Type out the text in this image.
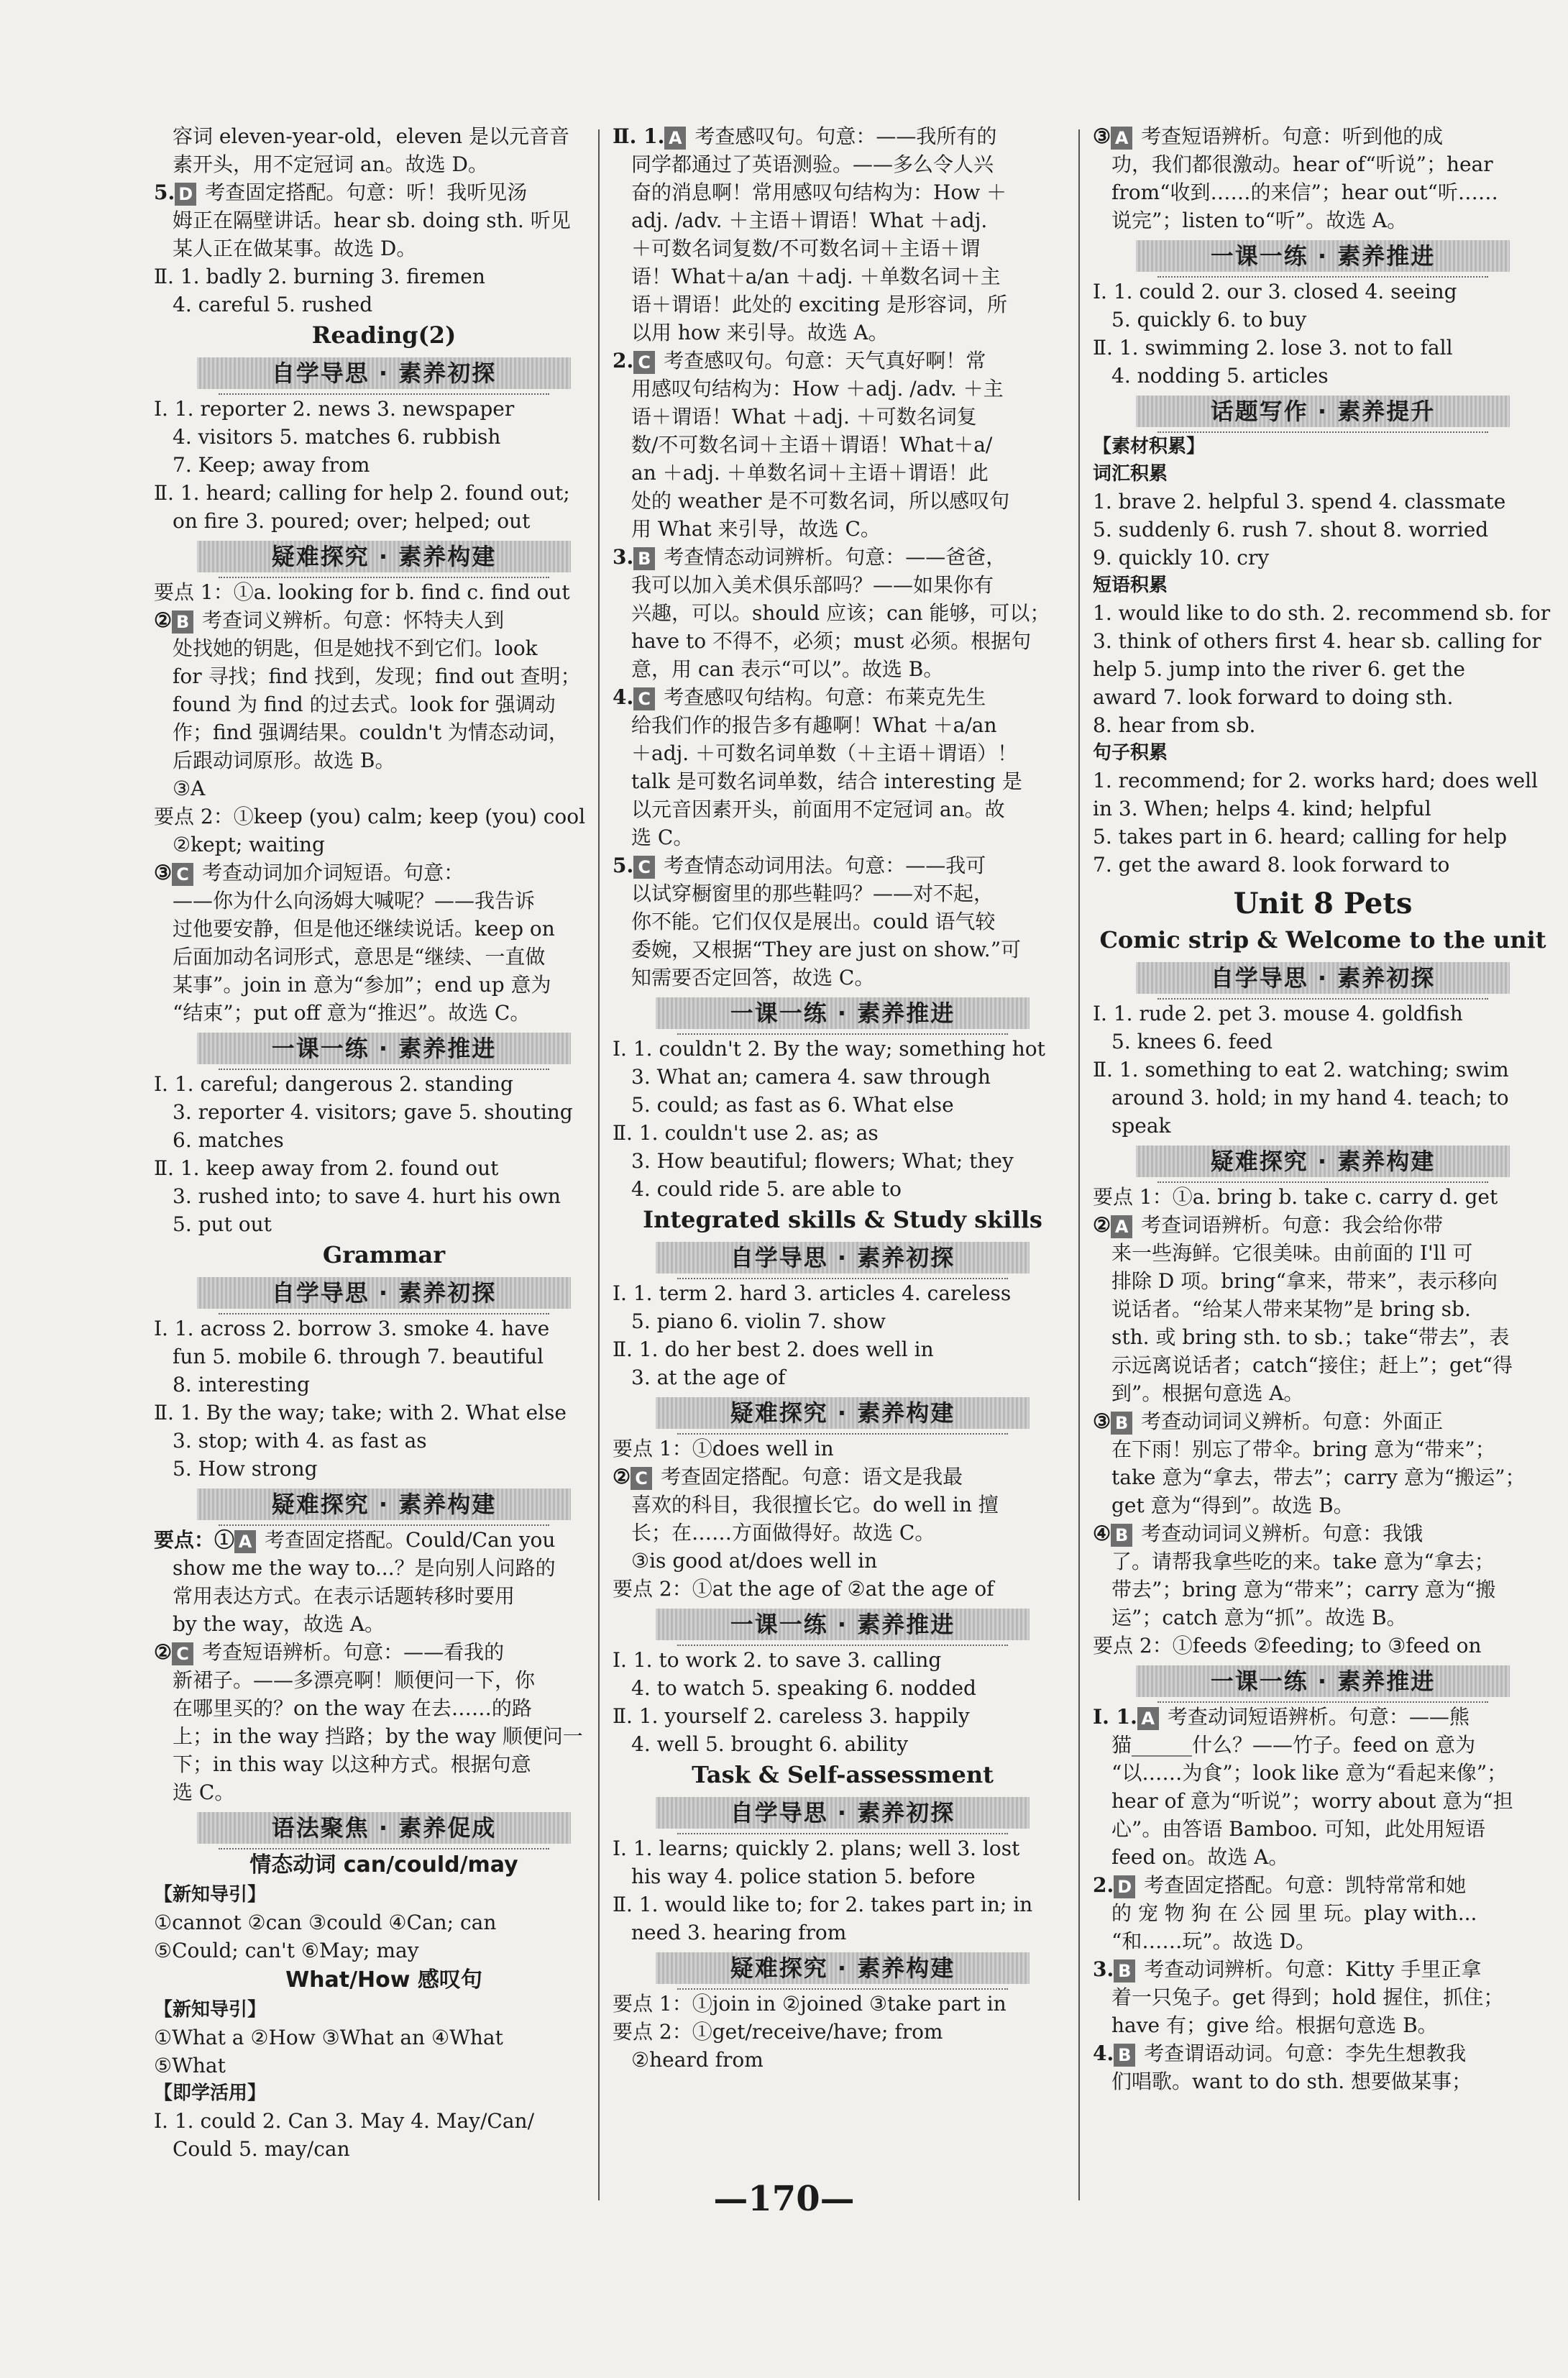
容词 eleven-year-old，eleven 是以元音音
素开头，用不定冠词 an。故选 D。
5. D 考查固定搭配。句意：听！我听见汤
姆正在隔壁讲话。hear sb. doing sth. 听见
某人正在做某事。故选 D。
Ⅱ. 1. badly 2. burning 3. firemen
4. careful 5. rushed
Reading(2)
自学导思 · 素养初探
Ⅰ. 1. reporter 2. news 3. newspaper
4. visitors 5. matches 6. rubbish
7. Keep; away from
Ⅱ. 1. heard; calling for help 2. found out;
on fire 3. poured; over; helped; out
疑难探究 · 素养构建
要点 1：①a. looking for b. find c. find out
② B 考查词义辨析。句意：怀特夫人到
处找她的钥匙，但是她找不到它们。look
for 寻找；find 找到，发现；find out 查明；
found 为 find 的过去式。look for 强调动
作；find 强调结果。couldn't 为情态动词，
后跟动词原形。故选 B。
③A
要点 2：①keep (you) calm; keep (you) cool
②kept; waiting
③ C 考查动词加介词短语。句意：
——你为什么向汤姆大喊呢？——我告诉
过他要安静，但是他还继续说话。keep on
后面加动名词形式，意思是“继续、一直做
某事”。join in 意为“参加”；end up 意为
“结束”；put off 意为“推迟”。故选 C。
一课一练 · 素养推进
Ⅰ. 1. careful; dangerous 2. standing
3. reporter 4. visitors; gave 5. shouting
6. matches
Ⅱ. 1. keep away from 2. found out
3. rushed into; to save 4. hurt his own
5. put out
Grammar
自学导思 · 素养初探
Ⅰ. 1. across 2. borrow 3. smoke 4. have
fun 5. mobile 6. through 7. beautiful
8. interesting
Ⅱ. 1. By the way; take; with 2. What else
3. stop; with 4. as fast as
5. How strong
疑难探究 · 素养构建
要点：① A 考查固定搭配。Could/Can you
show me the way to...？是向别人问路的
常用表达方式。在表示话题转移时要用
by the way，故选 A。
② C 考查短语辨析。句意：——看我的
新裙子。——多漂亮啊！顺便问一下，你
在哪里买的？on the way 在去……的路
上；in the way 挡路；by the way 顺便问一
下；in this way 以这种方式。根据句意
选 C。
语法聚焦 · 素养促成
情态动词 can/could/may
【新知导引】
①cannot ②can ③could ④Can; can
⑤Could; can't ⑥May; may
What/How 感叹句
【新知导引】
①What a ②How ③What an ④What
⑤What
【即学活用】
Ⅰ. 1. could 2. Can 3. May 4. May/Can/
Could 5. may/can
Ⅱ. 1. A 考查感叹句。句意：——我所有的
同学都通过了英语测验。——多么令人兴
奋的消息啊！常用感叹句结构为：How ＋
adj. /adv. ＋主语＋谓语！What ＋adj.
＋可数名词复数/不可数名词＋主语＋谓
语！What＋a/an ＋adj. ＋单数名词＋主
语＋谓语！此处的 exciting 是形容词，所
以用 how 来引导。故选 A。
2. C 考查感叹句。句意：天气真好啊！常
用感叹句结构为：How ＋adj. /adv. ＋主
语＋谓语！What ＋adj. ＋可数名词复
数/不可数名词＋主语＋谓语！What＋a/
an ＋adj. ＋单数名词＋主语＋谓语！此
处的 weather 是不可数名词，所以感叹句
用 What 来引导，故选 C。
3. B 考查情态动词辨析。句意：——爸爸，
我可以加入美术俱乐部吗？——如果你有
兴趣，可以。should 应该；can 能够，可以；
have to 不得不，必须；must 必须。根据句
意，用 can 表示“可以”。故选 B。
4. C 考查感叹句结构。句意：布莱克先生
给我们作的报告多有趣啊！What ＋a/an
＋adj. ＋可数名词单数（＋主语＋谓语）！
talk 是可数名词单数，结合 interesting 是
以元音因素开头，前面用不定冠词 an。故
选 C。
5. C 考查情态动词用法。句意：——我可
以试穿橱窗里的那些鞋吗？——对不起，
你不能。它们仅仅是展出。could 语气较
委婉，又根据“They are just on show.”可
知需要否定回答，故选 C。
一课一练 · 素养推进
Ⅰ. 1. couldn't 2. By the way; something hot
3. What an; camera 4. saw through
5. could; as fast as 6. What else
Ⅱ. 1. couldn't use 2. as; as
3. How beautiful; flowers; What; they
4. could ride 5. are able to
Integrated skills & Study skills
自学导思 · 素养初探
Ⅰ. 1. term 2. hard 3. articles 4. careless
5. piano 6. violin 7. show
Ⅱ. 1. do her best 2. does well in
3. at the age of
疑难探究 · 素养构建
要点 1：①does well in
② C 考查固定搭配。句意：语文是我最
喜欢的科目，我很擅长它。do well in 擅
长；在……方面做得好。故选 C。
③is good at/does well in
要点 2：①at the age of ②at the age of
一课一练 · 素养推进
Ⅰ. 1. to work 2. to save 3. calling
4. to watch 5. speaking 6. nodded
Ⅱ. 1. yourself 2. careless 3. happily
4. well 5. brought 6. ability
Task & Self-assessment
自学导思 · 素养初探
Ⅰ. 1. learns; quickly 2. plans; well 3. lost
his way 4. police station 5. before
Ⅱ. 1. would like to; for 2. takes part in; in
need 3. hearing from
疑难探究 · 素养构建
要点 1：①join in ②joined ③take part in
要点 2：①get/receive/have; from
②heard from
③ A 考查短语辨析。句意：听到他的成
功，我们都很激动。hear of“听说”；hear
from“收到……的来信”；hear out“听……
说完”；listen to“听”。故选 A。
一课一练 · 素养推进
Ⅰ. 1. could 2. our 3. closed 4. seeing
5. quickly 6. to buy
Ⅱ. 1. swimming 2. lose 3. not to fall
4. nodding 5. articles
话题写作 · 素养提升
【素材积累】
词汇积累
1. brave 2. helpful 3. spend 4. classmate
5. suddenly 6. rush 7. shout 8. worried
9. quickly 10. cry
短语积累
1. would like to do sth. 2. recommend sb. for
3. think of others first 4. hear sb. calling for
help 5. jump into the river 6. get the
award 7. look forward to doing sth.
8. hear from sb.
句子积累
1. recommend; for 2. works hard; does well
in 3. When; helps 4. kind; helpful
5. takes part in 6. heard; calling for help
7. get the award 8. look forward to
Unit 8 Pets
Comic strip & Welcome to the unit
自学导思 · 素养初探
Ⅰ. 1. rude 2. pet 3. mouse 4. goldfish
5. knees 6. feed
Ⅱ. 1. something to eat 2. watching; swim
around 3. hold; in my hand 4. teach; to
speak
疑难探究 · 素养构建
要点 1：①a. bring b. take c. carry d. get
② A 考查词语辨析。句意：我会给你带
来一些海鲜。它很美味。由前面的 I'll 可
排除 D 项。bring“拿来，带来”，表示移向
说话者。“给某人带来某物”是 bring sb.
sth. 或 bring sth. to sb.；take“带去”，表
示远离说话者；catch“接住；赶上”；get“得
到”。根据句意选 A。
③ B 考查动词词义辨析。句意：外面正
在下雨！别忘了带伞。bring 意为“带来”；
take 意为“拿去，带去”；carry 意为“搬运”；
get 意为“得到”。故选 B。
④ B 考查动词词义辨析。句意：我饿
了。请帮我拿些吃的来。take 意为“拿去；
带去”；bring 意为“带来”；carry 意为“搬
运”；catch 意为“抓”。故选 B。
要点 2：①feeds ②feeding; to ③feed on
一课一练 · 素养推进
Ⅰ. 1. A 考查动词短语辨析。句意：——熊
猫______什么？——竹子。feed on 意为
“以……为食”；look like 意为“看起来像”；
hear of 意为“听说”；worry about 意为“担
心”。由答语 Bamboo. 可知，此处用短语
feed on。故选 A。
2. D 考查固定搭配。句意：凯特常常和她
的 宠 物 狗 在 公 园 里 玩。play with...
“和……玩”。故选 D。
3. B 考查动词辨析。句意：Kitty 手里正拿
着一只兔子。get 得到；hold 握住，抓住；
have 有；give 给。根据句意选 B。
4. B 考查谓语动词。句意：李先生想教我
们唱歌。want to do sth. 想要做某事；
—170—
